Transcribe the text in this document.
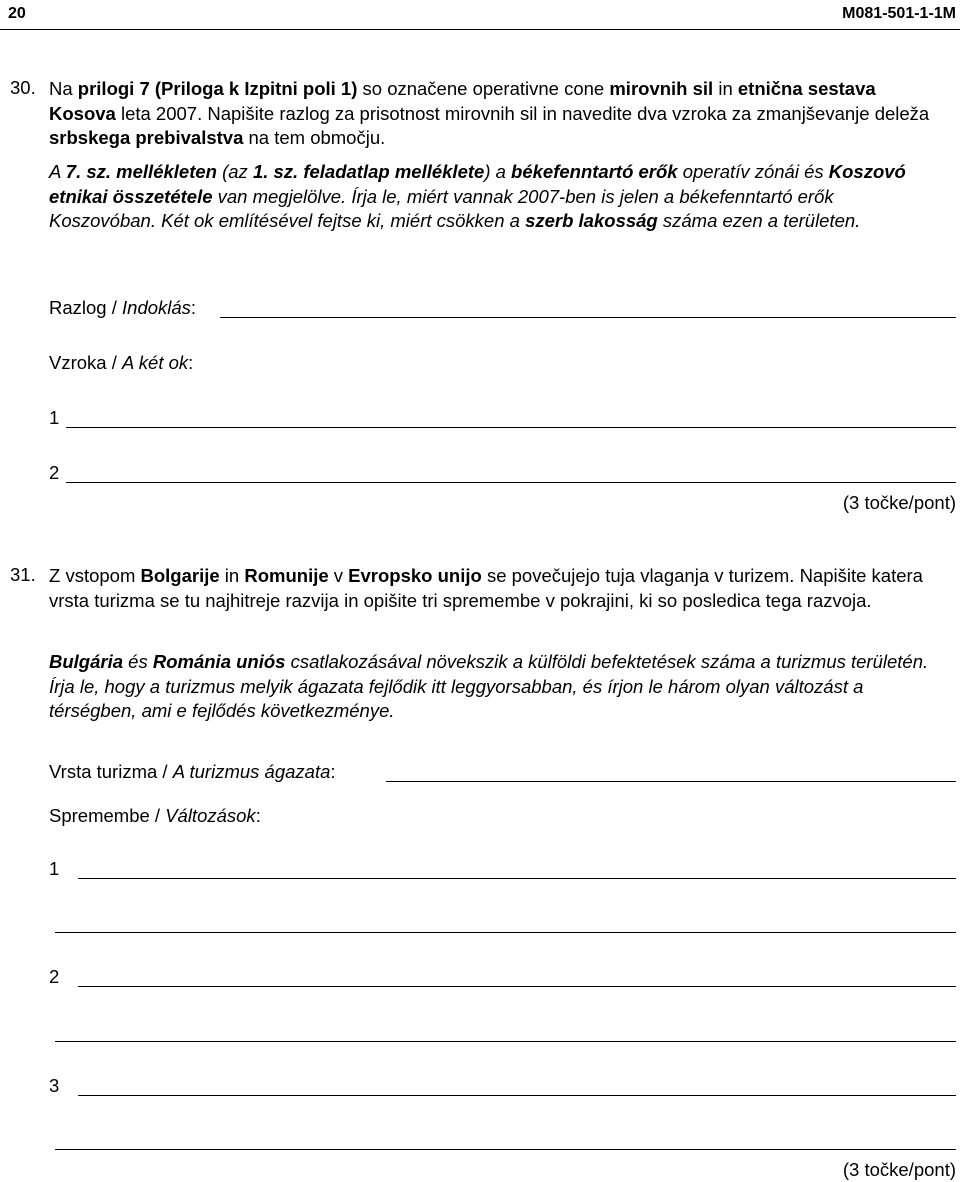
20	M081-501-1-1M
30. Na prilogi 7 (Priloga k Izpitni poli 1) so označene operativne cone mirovnih sil in etnična sestava Kosova leta 2007. Napišite razlog za prisotnost mirovnih sil in navedite dva vzroka za zmanjševanje deleža srbskega prebivalstva na tem območju.
A 7. sz. mellékleten (az 1. sz. feladatlap melléklete) a békefenntartó erők operatív zónái és Koszovó etnikai összetétele van megjelölve. Írja le, miért vannak 2007-ben is jelen a békefenntartó erők Koszovóban. Két ok említésével fejtse ki, miért csökken a szerb lakosság száma ezen a területen.
Razlog / Indoklás:
Vzroka / A két ok:
1
2
(3 točke/pont)
31. Z vstopom Bolgarije in Romunije v Evropsko unijo se povečujejo tuja vlaganja v turizem. Napišite katera vrsta turizma se tu najhitreje razvija in opišite tri spremembe v pokrajini, ki so posledica tega razvoja.
Bulgária és Románia uniós csatlakozásával növekszik a külföldi befektetések száma a turizmus területén. Írja le, hogy a turizmus melyik ágazata fejlődik itt leggyorsabban, és írjon le három olyan változást a térségben, ami e fejlődés következménye.
Vrsta turizma / A turizmus ágazata:
Spremembe / Változások:
1
2
3
(3 točke/pont)
